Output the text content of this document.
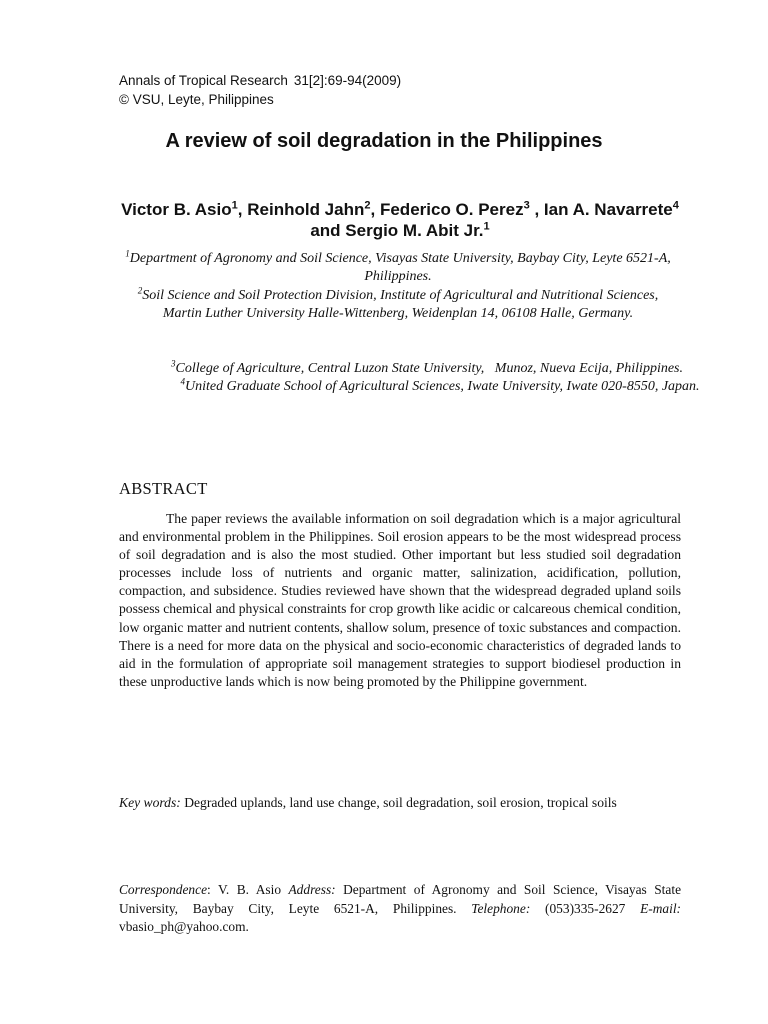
Annals of Tropical Research 31[2]:69-94(2009)
© VSU, Leyte, Philippines
A review of soil degradation in the Philippines
Victor B. Asio$^1$, Reinhold Jahn$^2$, Federico O. Perez$^3$ , Ian A. Navarrete$^4$ and Sergio M. Abit Jr.$^1$
$^1$Department of Agronomy and Soil Science, Visayas State University, Baybay City, Leyte 6521-A, Philippines.
$^2$Soil Science and Soil Protection Division, Institute of Agricultural and Nutritional Sciences, Martin Luther University Halle-Wittenberg, Weidenplan 14, 06108 Halle, Germany.

$^3$College of Agriculture, Central Luzon State University,   Munoz, Nueva Ecija, Philippines.

$^4$United Graduate School of Agricultural Sciences, Iwate University, Iwate 020-8550, Japan.
ABSTRACT
The paper reviews the available information on soil degradation which is a major agricultural and environmental problem in the Philippines. Soil erosion appears to be the most widespread process of soil degradation and is also the most studied. Other important but less studied soil degradation processes include loss of nutrients and organic matter, salinization, acidification, pollution, compaction, and subsidence. Studies reviewed have shown that the widespread degraded upland soils possess chemical and physical constraints for crop growth like acidic or calcareous chemical condition, low organic matter and nutrient contents, shallow solum, presence of toxic substances and compaction. There is a need for more data on the physical and socio-economic characteristics of degraded lands to aid in the formulation of appropriate soil management strategies to support biodiesel production in these unproductive lands which is now being promoted by the Philippine government.
Key words: Degraded uplands, land use change, soil degradation, soil erosion, tropical soils
Correspondence: V. B. Asio Address: Department of Agronomy and Soil Science, Visayas State University, Baybay City, Leyte 6521-A, Philippines. Telephone: (053)335-2627 E-mail: vbasio_ph@yahoo.com.
